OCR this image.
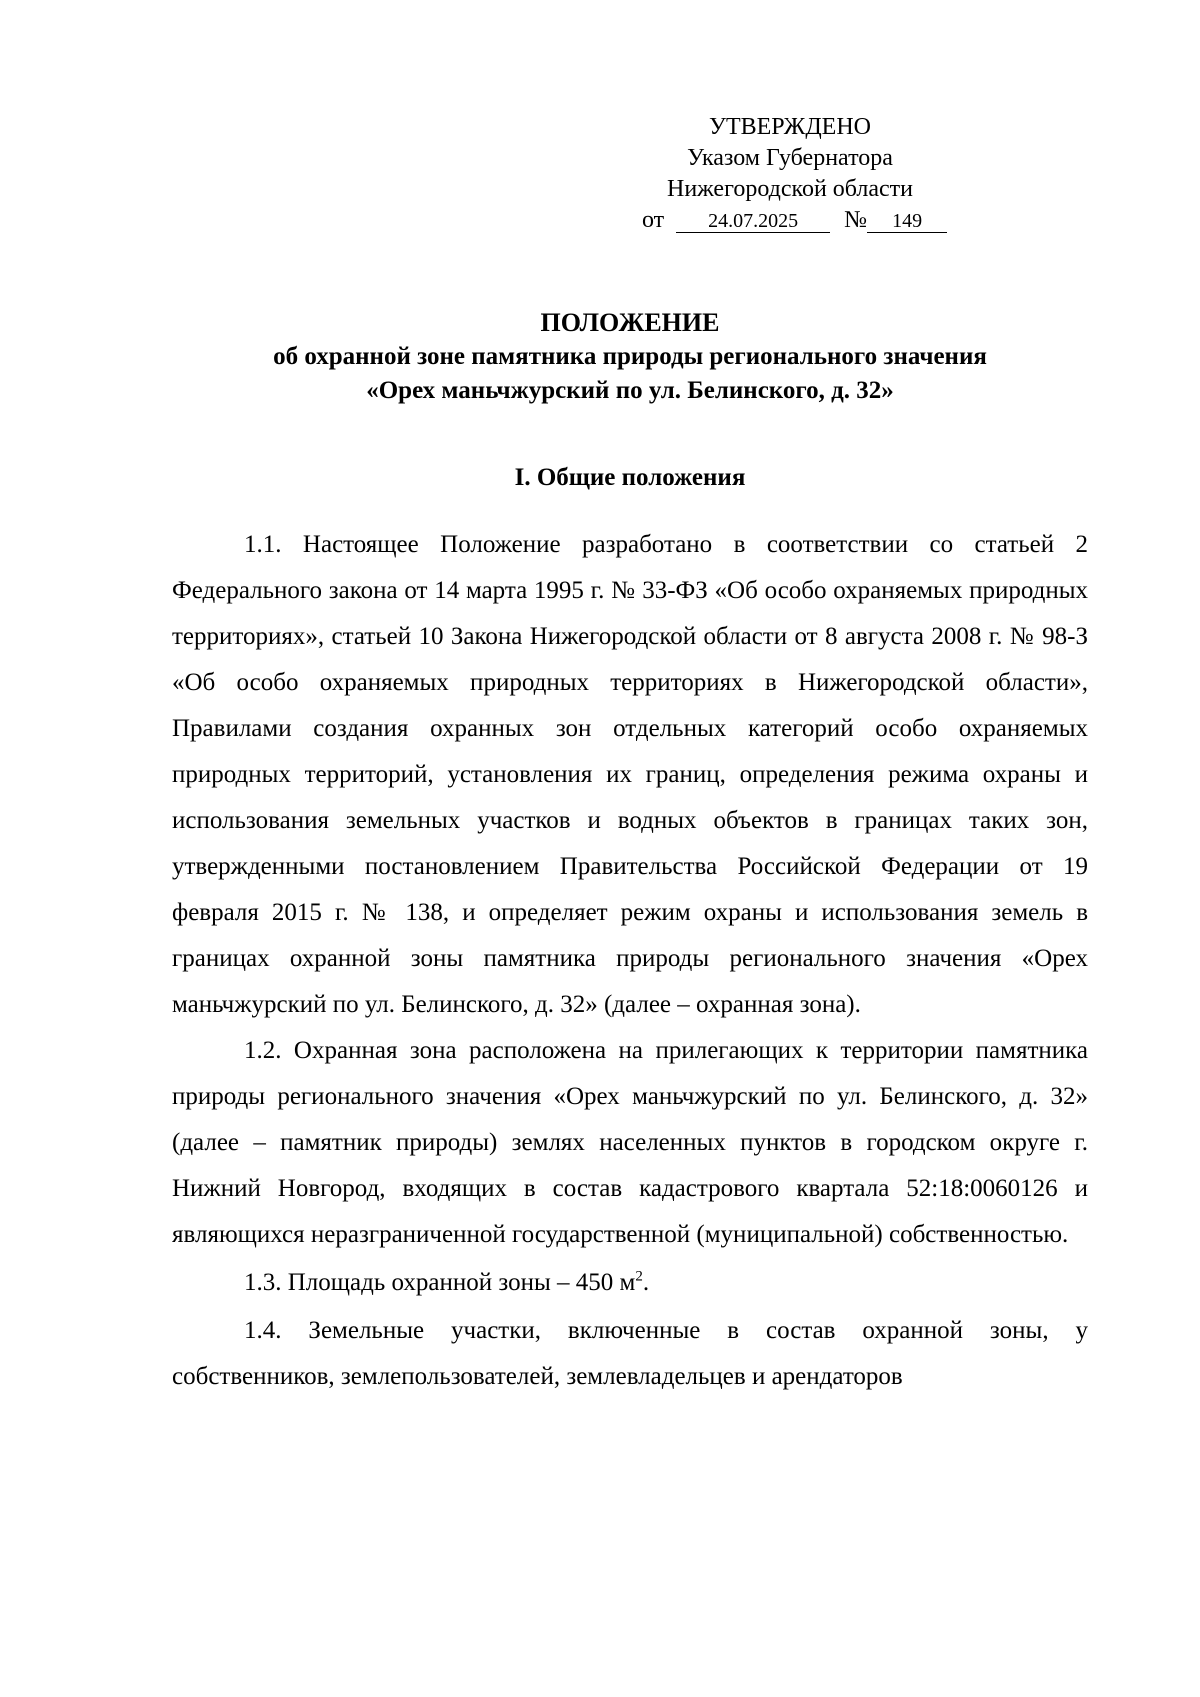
УТВЕРЖДЕНО
Указом Губернатора
Нижегородской области
от 24.07.2025 № 149
ПОЛОЖЕНИЕ
об охранной зоне памятника природы регионального значения
«Орех маньчжурский по ул. Белинского, д. 32»
I. Общие положения

1.1. Настоящее Положение разработано в соответствии со статьей 2 Федерального закона от 14 марта 1995 г. № 33-ФЗ «Об особо охраняемых природных территориях», статьей 10 Закона Нижегородской области от 8 августа 2008 г. № 98-З «Об особо охраняемых природных территориях в Нижегородской области», Правилами создания охранных зон отдельных категорий особо охраняемых природных территорий, установления их границ, определения режима охраны и использования земельных участков и водных объектов в границах таких зон, утвержденными постановлением Правительства Российской Федерации от 19 февраля 2015 г. № 138, и определяет режим охраны и использования земель в границах охранной зоны памятника природы регионального значения «Орех маньчжурский по ул. Белинского, д. 32» (далее – охранная зона).

1.2. Охранная зона расположена на прилегающих к территории памятника природы регионального значения «Орех маньчжурский по ул. Белинского, д. 32» (далее – памятник природы) землях населенных пунктов в городском округе г. Нижний Новгород, входящих в состав кадастрового квартала 52:18:0060126 и являющихся неразграниченной государственной (муниципальной) собственностью.

1.3. Площадь охранной зоны – 450 $м^2$.

1.4. Земельные участки, включенные в состав охранной зоны, у собственников, землепользователей, землевладельцев и арендаторов
